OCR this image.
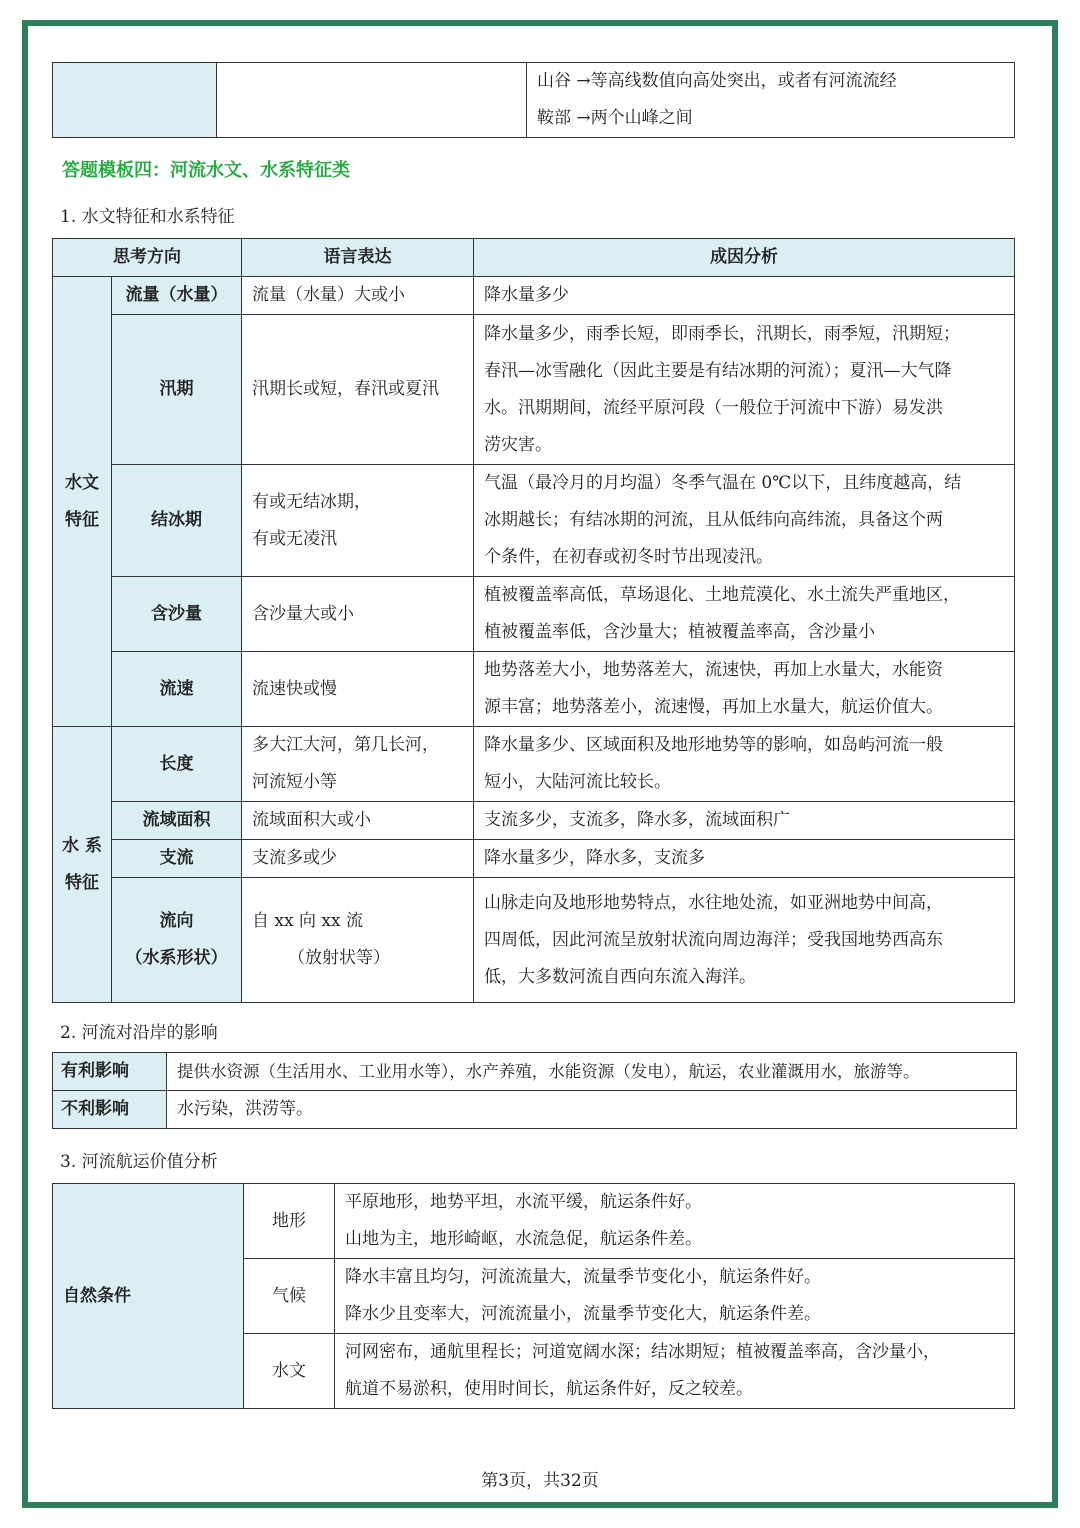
山谷 →等高线数值向高处突出，或者有河流流经
鞍部 →两个山峰之间
答题模板四：河流水文、水系特征类
1. 水文特征和水系特征
思考方向		语言表达	成因分析

水文
特征	流量（水量）	流量（水量）大或小	降水量多少

	汛期	汛期长或短，春汛或夏汛	降水量多少，雨季长短，即雨季长，汛期长，雨季短，汛期短；
春汛—冰雪融化（因此主要是有结冰期的河流）；夏汛—大气降
水。汛期期间，流经平原河段（一般位于河流中下游）易发洪
涝灾害。

	结冰期	有或无结冰期，
有或无凌汛	气温（最冷月的月均温）冬季气温在 0℃以下，且纬度越高，结
冰期越长；有结冰期的河流，且从低纬向高纬流，具备这个两
个条件，在初春或初冬时节出现凌汛。

	含沙量	含沙量大或小	植被覆盖率高低，草场退化、土地荒漠化、水土流失严重地区，
植被覆盖率低，含沙量大；植被覆盖率高，含沙量小

	流速	流速快或慢	地势落差大小，地势落差大，流速快，再加上水量大，水能资
源丰富；地势落差小，流速慢，再加上水量大，航运价值大。

水 系
特征	长度	多大江大河，第几长河，
河流短小等	降水量多少、区域面积及地形地势等的影响，如岛屿河流一般
短小，大陆河流比较长。

	流域面积	流域面积大或小	支流多少，支流多，降水多，流域面积广

	支流	支流多或少	降水量多少，降水多，支流多

	流向
（水系形状）	自 xx 向 xx 流
（放射状等）	山脉走向及地形地势特点，水往地处流，如亚洲地势中间高，
四周低，因此河流呈放射状流向周边海洋；受我国地势西高东
低，大多数河流自西向东流入海洋。
2. 河流对沿岸的影响
有利影响	提供水资源（生活用水、工业用水等），水产养殖，水能资源（发电），航运，农业灌溉用水，旅游等。
不利影响	水污染，洪涝等。
3. 河流航运价值分析
自然条件	地形	平原地形，地势平坦，水流平缓，航运条件好。
山地为主，地形崎岖，水流急促，航运条件差。

	气候	降水丰富且均匀，河流流量大，流量季节变化小，航运条件好。
降水少且变率大，河流流量小，流量季节变化大，航运条件差。

	水文	河网密布，通航里程长；河道宽阔水深；结冰期短；植被覆盖率高，含沙量小，
航道不易淤积，使用时间长，航运条件好，反之较差。
第3页，共32页
